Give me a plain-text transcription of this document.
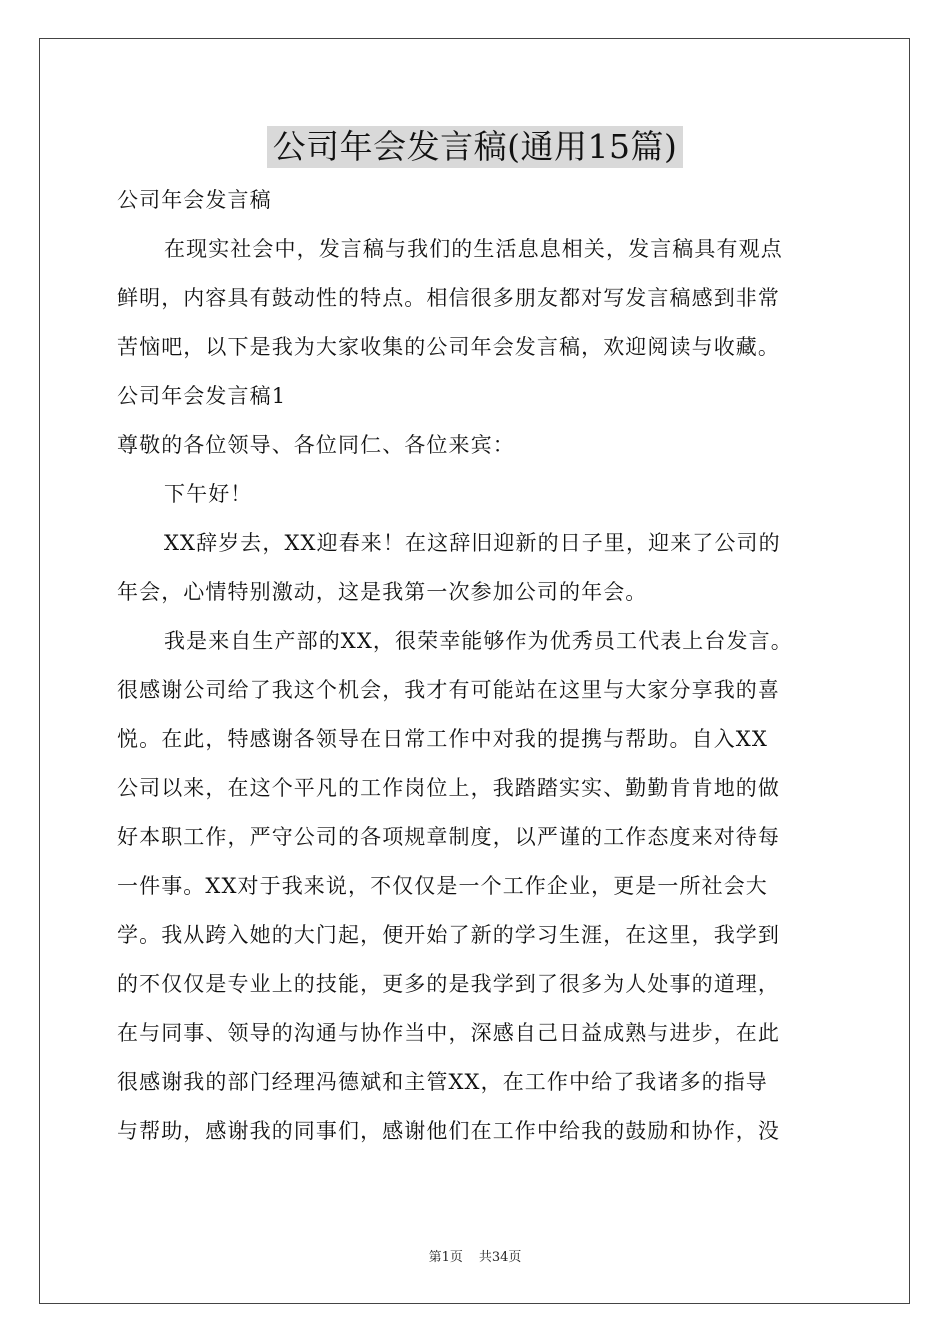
公司年会发言稿(通用15篇)
公司年会发言稿
在现实社会中，发言稿与我们的生活息息相关，发言稿具有观点
鲜明，内容具有鼓动性的特点。相信很多朋友都对写发言稿感到非常
苦恼吧，以下是我为大家收集的公司年会发言稿，欢迎阅读与收藏。
公司年会发言稿1
尊敬的各位领导、各位同仁、各位来宾：
下午好！
XX辞岁去，XX迎春来！在这辞旧迎新的日子里，迎来了公司的
年会，心情特别激动，这是我第一次参加公司的年会。
我是来自生产部的XX，很荣幸能够作为优秀员工代表上台发言。
很感谢公司给了我这个机会，我才有可能站在这里与大家分享我的喜
悦。在此，特感谢各领导在日常工作中对我的提携与帮助。自入XX
公司以来，在这个平凡的工作岗位上，我踏踏实实、勤勤肯肯地的做
好本职工作，严守公司的各项规章制度，以严谨的工作态度来对待每
一件事。XX对于我来说，不仅仅是一个工作企业，更是一所社会大
学。我从跨入她的大门起，便开始了新的学习生涯，在这里，我学到
的不仅仅是专业上的技能，更多的是我学到了很多为人处事的道理，
在与同事、领导的沟通与协作当中，深感自己日益成熟与进步，在此
很感谢我的部门经理冯德斌和主管XX，在工作中给了我诸多的指导
与帮助，感谢我的同事们，感谢他们在工作中给我的鼓励和协作，没
第1页 共34页
